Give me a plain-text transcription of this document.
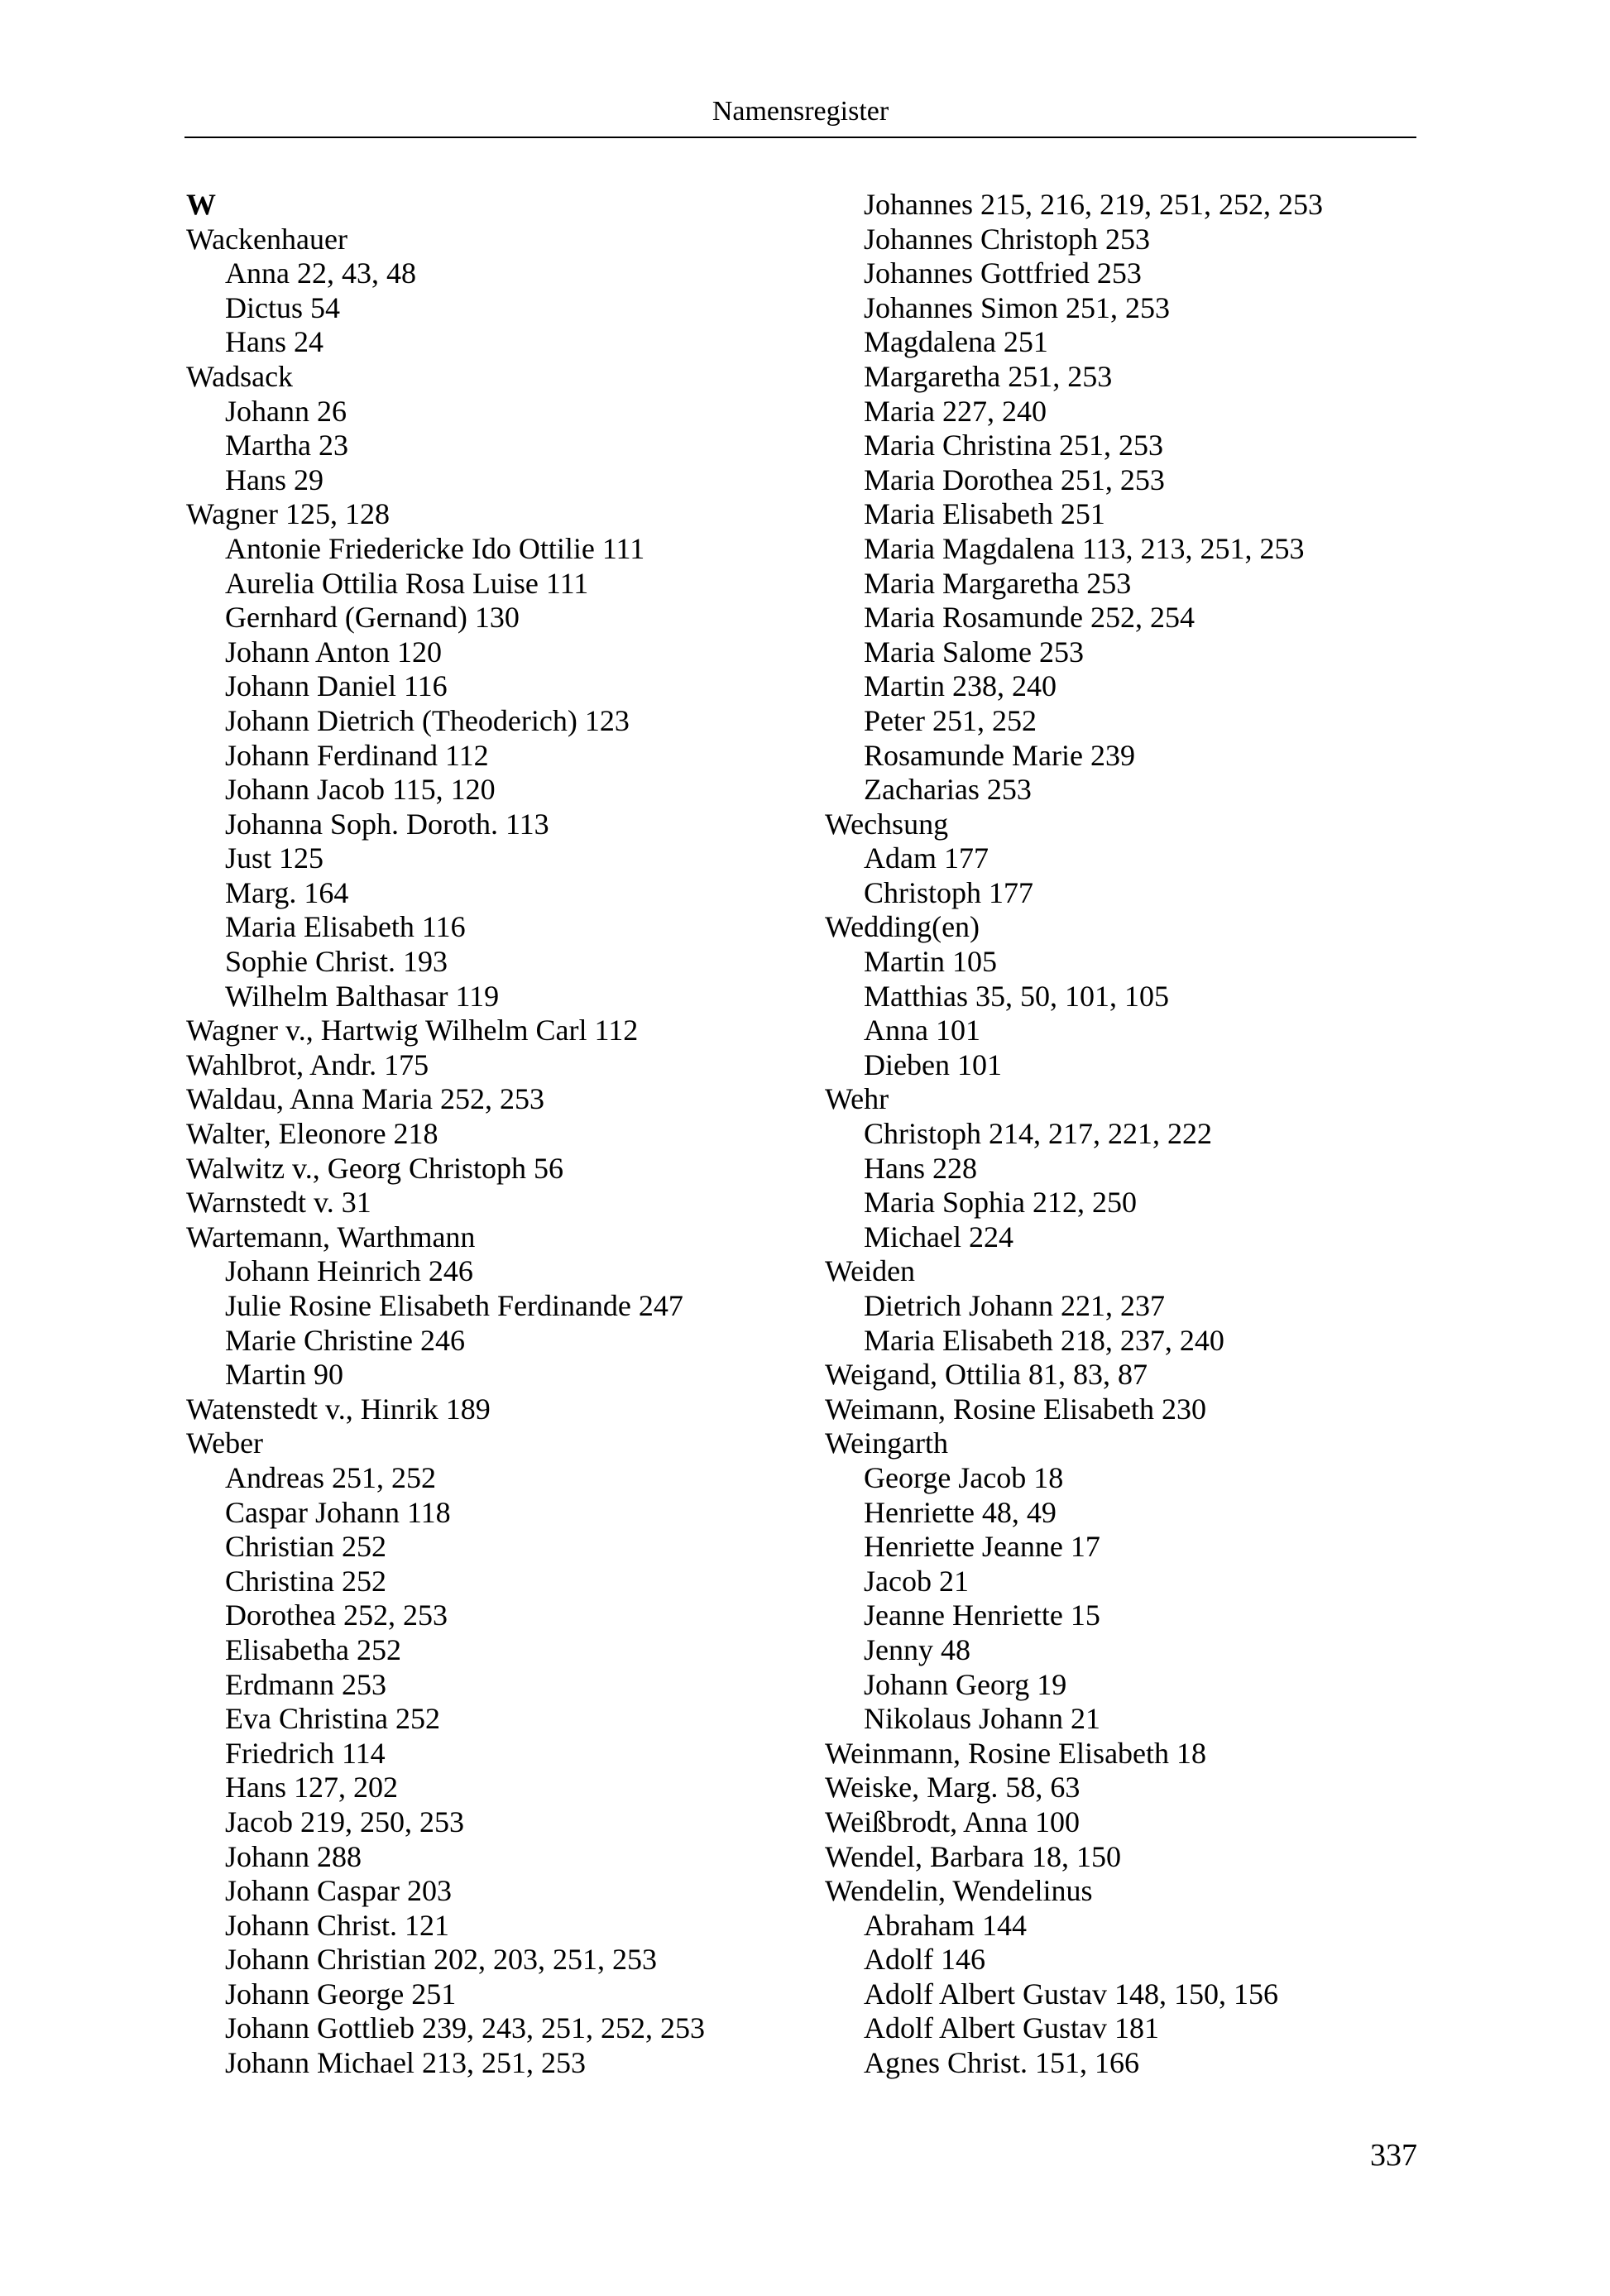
Namensregister
W
Wackenhauer
Anna 22, 43, 48
Dictus 54
Hans 24
Wadsack
Johann 26
Martha 23
Hans 29
Wagner 125, 128
Antonie Friedericke Ido Ottilie 111
Aurelia Ottilia Rosa Luise 111
Gernhard (Gernand) 130
Johann Anton 120
Johann Daniel 116
Johann Dietrich (Theoderich) 123
Johann Ferdinand 112
Johann Jacob 115, 120
Johanna Soph. Doroth. 113
Just 125
Marg. 164
Maria Elisabeth 116
Sophie Christ. 193
Wilhelm Balthasar 119
Wagner v., Hartwig Wilhelm Carl 112
Wahlbrot, Andr. 175
Waldau, Anna Maria 252, 253
Walter, Eleonore 218
Walwitz v., Georg Christoph 56
Warnstedt v. 31
Wartemann, Warthmann
Johann Heinrich 246
Julie Rosine Elisabeth Ferdinande 247
Marie Christine 246
Martin 90
Watenstedt v., Hinrik 189
Weber
Andreas 251, 252
Caspar Johann 118
Christian 252
Christina 252
Dorothea 252, 253
Elisabetha 252
Erdmann 253
Eva Christina 252
Friedrich 114
Hans 127, 202
Jacob 219, 250, 253
Johann 288
Johann Caspar 203
Johann Christ. 121
Johann Christian 202, 203, 251, 253
Johann George 251
Johann Gottlieb 239, 243, 251, 252, 253
Johann Michael 213, 251, 253
Johannes 215, 216, 219, 251, 252, 253
Johannes Christoph 253
Johannes Gottfried 253
Johannes Simon 251, 253
Magdalena 251
Margaretha 251, 253
Maria 227, 240
Maria Christina 251, 253
Maria Dorothea 251, 253
Maria Elisabeth 251
Maria Magdalena 113, 213, 251, 253
Maria Margaretha 253
Maria Rosamunde 252, 254
Maria Salome 253
Martin 238, 240
Peter 251, 252
Rosamunde Marie 239
Zacharias 253
Wechsung
Adam 177
Christoph 177
Wedding(en)
Martin 105
Matthias 35, 50, 101, 105
Anna 101
Dieben 101
Wehr
Christoph 214, 217, 221, 222
Hans 228
Maria Sophia 212, 250
Michael 224
Weiden
Dietrich Johann 221, 237
Maria Elisabeth 218, 237, 240
Weigand, Ottilia 81, 83, 87
Weimann, Rosine Elisabeth 230
Weingarth
George Jacob 18
Henriette 48, 49
Henriette Jeanne 17
Jacob 21
Jeanne Henriette 15
Jenny 48
Johann Georg 19
Nikolaus Johann 21
Weinmann, Rosine Elisabeth 18
Weiske, Marg. 58, 63
Weißbrodt, Anna 100
Wendel, Barbara 18, 150
Wendelin, Wendelinus
Abraham 144
Adolf 146
Adolf Albert Gustav 148, 150, 156
Adolf Albert Gustav 181
Agnes Christ. 151, 166
337
